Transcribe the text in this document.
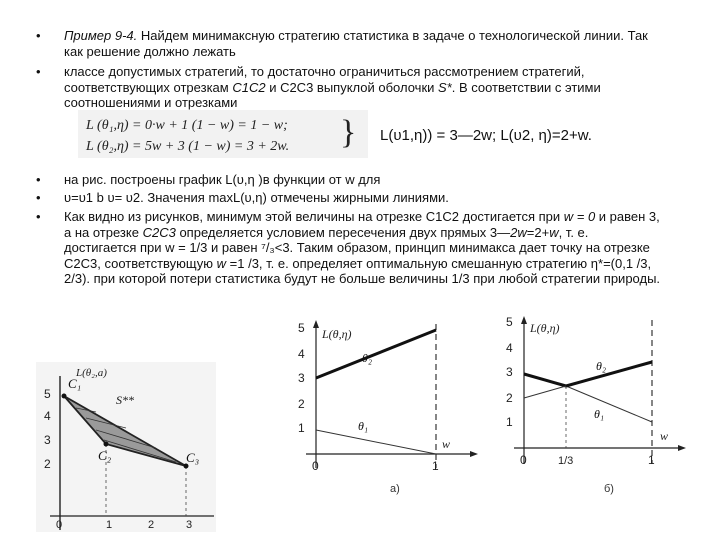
•
•
•
•
•
Пример 9-4. Найдем минимаксную стратегию статистика в задаче о технологической линии. Так как решение должно лежать
классе допустимых стратегий, то достаточно ограничиться рассмотрением стратегий, соответствующих отрезкам С1С2 и С2С3 выпуклой оболочки S*. В соответствии с этими соотношениями и отрезками
L (θ₁,η) = 0·w + 1 (1 − w) = 1 − w;
L (θ₂,η) = 5w + 3 (1 − w) = 3 + 2w. } L(υ1,η)) = 3—2w; L(υ2, η)=2+w.
на рис. построены график L(υ,η )в функции от w для
υ=υ1 b υ= υ2. Значения maxL(υ,η) отмечены жирными линиями.
Как видно из рисунков, минимум этой величины на отрезке С1С2 достигается при w = 0 и равен 3, а на отрезке С2С3 определяется условием пересечения двух прямых 3—2w=2+w, т. е. достигается при w = 1/3 и равен ⁷/₃<3. Таким образом, принцип минимакса дает точку на отрезке С2С3, соответствующую w =1 /3, т. е. определяет оптимальную смешанную стратегию η*=(0,1 /3, 2/3). при которой потери статистика будут не больше величины 1/3 при любой стратегии природы.
L(θ₂,a)
5
4
3
2
C₁
C₂	C₃
S**
0	1	2	3
L(θ,η)
5
4
3
2
1
θ₂
θ₁
w
0	1
а)
L(θ,η)
5
4
3
2
1
θ₂
θ₁
w
0	1/3	1
б)
